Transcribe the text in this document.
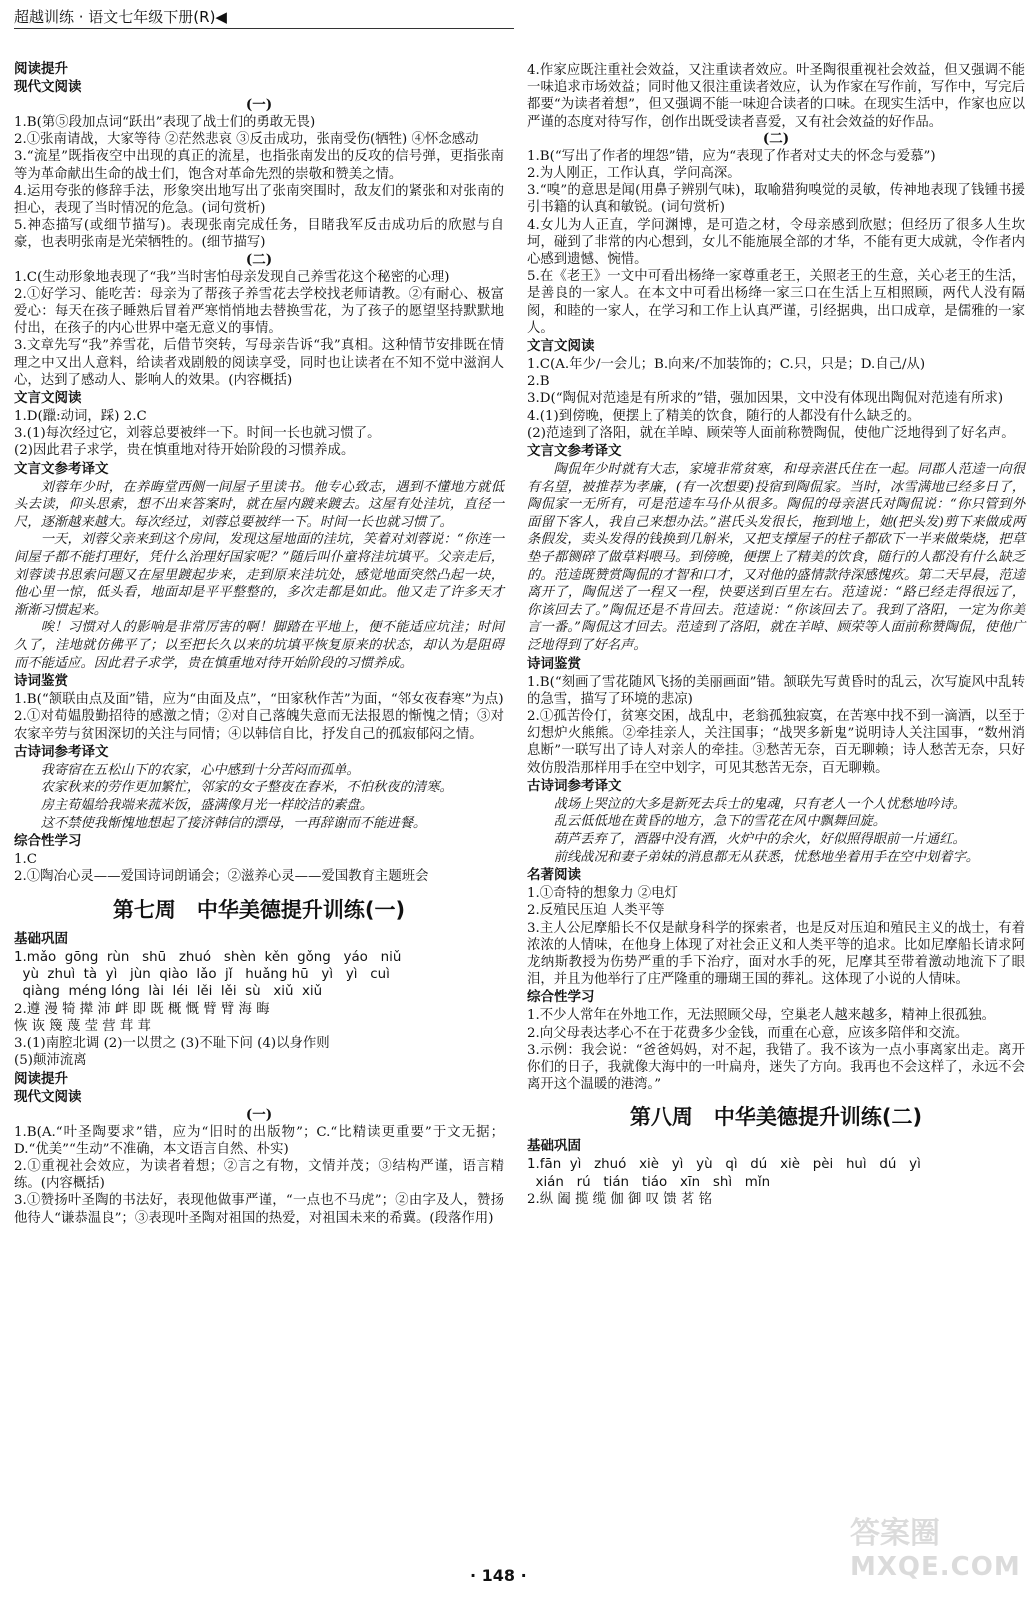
超越训练 · 语文七年级下册(R)◀
阅读提升
现代文阅读
(一)

1.B(第⑤段加点词“跃出”表现了战士们的勇敢无畏)

2.①张南请战，大家等待 ②茫然悲哀 ③反击成功，张南受伤(牺牲) ④怀念感动

3.“流星”既指夜空中出现的真正的流星，也指张南发出的反攻的信号弹，更指张南等为革命献出生命的战士们，饱含对革命先烈的崇敬和赞美之情。

4.运用夸张的修辞手法，形象突出地写出了张南突围时，敌友们的紧张和对张南的担心，表现了当时情况的危急。(词句赏析)

5.神态描写(或细节描写)。表现张南完成任务，目睹我军反击成功后的欣慰与自豪，也表明张南是光荣牺牲的。(细节描写)

(二)

1.C(生动形象地表现了“我”当时害怕母亲发现自己养雪花这个秘密的心理)

2.①好学习、能吃苦：母亲为了帮孩子养雪花去学校找老师请教。②有耐心、极富爱心：每天在孩子睡熟后冒着严寒悄悄地去替换雪花，为了孩子的愿望坚持默默地付出，在孩子的内心世界中毫无意义的事情。

3.文章先写“我”养雪花，后借节突转，写母亲告诉“我”真相。这种情节安排既在情理之中又出人意料，给读者戏剧般的阅读享受，同时也让读者在不知不觉中滋润人心，达到了感动人、影响人的效果。(内容概括)

文言文阅读

1.D(躐:动词，踩) 2.C

3.(1)每次经过它，刘蓉总要被绊一下。时间一长也就习惯了。

(2)因此君子求学，贵在慎重地对待开始阶段的习惯养成。

文言文参考译文

刘蓉年少时，在养晦堂西侧一间屋子里读书。他专心致志，遇到不懂地方就低头去读，仰头思索，想不出来答案时，就在屋内踱来踱去。这屋有处洼坑，直径一尺，逐渐越来越大。每次经过，刘蓉总要被绊一下。时间一长也就习惯了。

一天，刘蓉父亲来到这个房间，发现这屋地面的洼坑，笑着对刘蓉说：“你连一间屋子都不能打理好，凭什么治理好国家呢？”随后叫仆童将洼坑填平。父亲走后，刘蓉读书思索问题又在屋里踱起步来，走到原来洼坑处，感觉地面突然凸起一块，他心里一惊，低头看，地面却是平平整整的，多次走都是如此。他又走了许多天才渐渐习惯起来。

唉！习惯对人的影响是非常厉害的啊！脚踏在平地上，便不能适应坑洼；时间久了，洼地就仿佛平了；以至把长久以来的坑填平恢复原来的状态，却认为是阻碍而不能适应。因此君子求学，贵在慎重地对待开始阶段的习惯养成。

诗词鉴赏

1.B(“颔联由点及面”错，应为“由面及点”，“田家秋作苦”为面，“邻女夜舂寒”为点)

2.①对荀媪殷勤招待的感激之情；②对自己落魄失意而无法报恩的惭愧之情；③对农家辛劳与贫困深切的关注与同情；④以韩信自比，抒发自己的孤寂郁闷之情。

古诗词参考译文

我寄宿在五松山下的农家，心中感到十分苦闷而孤单。

农家秋来的劳作更加繁忙，邻家的女子整夜在舂米，不怕秋夜的清寒。

房主荀媪给我端来菰米饭，盛满像月光一样皎洁的素盘。

这不禁使我惭愧地想起了接济韩信的漂母，一再辞谢而不能进餐。

综合性学习

1.C

2.①陶冶心灵——爱国诗词朗诵会；②滋养心灵——爱国教育主题班会

第七周　中华美德提升训练(一)
基础巩固

1.mǎo  gōng  rùn   shū   zhuó   shèn  kěn  gǒng   yáo   niǔ

yù  zhuì  tà  yì   jùn  qiào  lǎo  jǐ   huǎng hū   yì   yì   cuì

qiàng  méng lóng  lài  léi  lěi  lěi  sù   xiǔ  xiǔ

2.遵 漫 犄 撵 沛 衅 即 既 概 慨 臂 臂 海 晦

恢 诙 篾 蔑 莹 营 茸 茸

3.(1)南腔北调 (2)一以贯之 (3)不耻下问 (4)以身作则

(5)颠沛流离

阅读提升
现代文阅读
(一)

1.B(A.“叶圣陶要求”错，应为“旧时的出版物”；C.“比精读更重要”于文无据；D.“优美”“生动”不准确，本文语言自然、朴实)

2.①重视社会效应，为读者着想；②言之有物，文情并茂；③结构严谨，语言精练。(内容概括)

3.①赞扬叶圣陶的书法好，表现他做事严谨，“一点也不马虎”；②由字及人，赞扬他待人“谦恭温良”；③表现叶圣陶对祖国的热爱，对祖国未来的希冀。(段落作用)

4.作家应既注重社会效益，又注重读者效应。叶圣陶很重视社会效益，但又强调不能一味追求市场效益；同时他又很注重读者效应，认为作家在写作前，写作中，写完后都要“为读者着想”，但又强调不能一味迎合读者的口味。在现实生活中，作家也应以严谨的态度对待写作，创作出既受读者喜爱，又有社会效益的好作品。

(二)

1.B(“写出了作者的埋怨”错，应为“表现了作者对丈夫的怀念与爱慕”)

2.为人刚正，工作认真，学问高深。

3.“嗅”的意思是闻(用鼻子辨别气味)，取喻猎狗嗅觉的灵敏，传神地表现了钱锺书援引书籍的认真和敏锐。(词句赏析)

4.女儿为人正直，学问渊博，是可造之材，令母亲感到欣慰；但经历了很多人生坎坷，碰到了非常的内心想到，女儿不能施展全部的才华，不能有更大成就，令作者内心感到遗憾、惋惜。

5.在《老王》一文中可看出杨绛一家尊重老王，关照老王的生意，关心老王的生活，是善良的一家人。在本文中可看出杨绛一家三口在生活上互相照顾，两代人没有隔阂，和睦的一家人，在学习和工作上认真严谨，引经据典，出口成章，是儒雅的一家人。

文言文阅读

1.C(A.年少/一会儿；B.向来/不加装饰的；C.只，只是；D.自己/从)

2.B

3.D(“陶侃对范逵是有所求的”错，强加因果，文中没有体现出陶侃对范逵有所求)

4.(1)到傍晚，便摆上了精美的饮食，随行的人都没有什么缺乏的。

(2)范逵到了洛阳，就在羊晫、顾荣等人面前称赞陶侃，使他广泛地得到了好名声。

文言文参考译文

陶侃年少时就有大志，家境非常贫寒，和母亲湛氏住在一起。同郡人范逵一向很有名望，被推荐为孝廉，(有一次想要)投宿到陶侃家。当时，冰雪满地已经多日了，陶侃家一无所有，可是范逵车马仆从很多。陶侃的母亲湛氏对陶侃说：“你只管到外面留下客人，我自己来想办法。”湛氏头发很长，拖到地上，她(把头发)剪下来做成两条假发，卖头发得的钱换到几斛米，又把支撑屋子的柱子都砍下一半来做柴烧，把草垫子都铡碎了做草料喂马。到傍晚，便摆上了精美的饮食，随行的人都没有什么缺乏的。范逵既赞赏陶侃的才智和口才，又对他的盛情款待深感愧疚。第二天早晨，范逵离开了，陶侃送了一程又一程，快要送到百里左右。范逵说：“路已经走得很远了，你该回去了。”陶侃还是不肯回去。范逵说：“你该回去了。我到了洛阳，一定为你美言一番。”陶侃这才回去。范逵到了洛阳，就在羊晫、顾荣等人面前称赞陶侃，使他广泛地得到了好名声。

诗词鉴赏

1.B(“刻画了雪花随风飞扬的美丽画面”错。颔联先写黄昏时的乱云，次写旋风中乱转的急雪，描写了环境的悲凉)

2.①孤苦伶仃，贫寒交困，战乱中，老翁孤独寂寞，在苦寒中找不到一滴酒，以至于幻想炉火熊熊。②牵挂亲人，关注国事；“战哭多新鬼”说明诗人关注国事，“数州消息断”一联写出了诗人对亲人的牵挂。③愁苦无奈，百无聊赖；诗人愁苦无奈，只好效仿殷浩那样用手在空中划字，可见其愁苦无奈，百无聊赖。

古诗词参考译文

战场上哭泣的大多是新死去兵士的鬼魂，只有老人一个人忧愁地吟诗。

乱云低低地在黄昏的地方，急下的雪花在风中飘舞回旋。

葫芦丢弃了，酒器中没有酒，火炉中的余火，好似照得眼前一片通红。

前线战况和妻子弟妹的消息都无从获悉，忧愁地坐着用手在空中划着字。

名著阅读

1.①奇特的想象力 ②电灯

2.反殖民压迫 人类平等

3.主人公尼摩船长不仅是献身科学的探索者，也是反对压迫和殖民主义的战士，有着浓浓的人情味，在他身上体现了对社会正义和人类平等的追求。比如尼摩船长请求阿龙纳斯教授为伤势严重的手下治疗，面对水手的死，尼摩其至带着激动地流下了眼泪，并且为他举行了庄严隆重的珊瑚王国的葬礼。这体现了小说的人情味。

综合性学习

1.不少人常年在外地工作，无法照顾父母，空巢老人越来越多，精神上很孤独。

2.向父母表达孝心不在于花费多少金钱，而重在心意，应该多陪伴和交流。

3.示例：我会说：“爸爸妈妈，对不起，我错了。我不该为一点小事离家出走。离开你们的日子，我就像大海中的一叶扁舟，迷失了方向。我再也不会这样了，永远不会离开这个温暖的港湾。”

第八周　中华美德提升训练(二)
基础巩固

1.fān  yì   zhuó   xiè   yì   yù   qì   dú   xiè   pèi   huì   dú   yì

xián   rú   tián   tiáo   xīn   shì   mǐn

2.纵 阖 揽 缆 伽 御 叹 馈 茗 铭

· 148 ·
答案圈
MXQE.COM
